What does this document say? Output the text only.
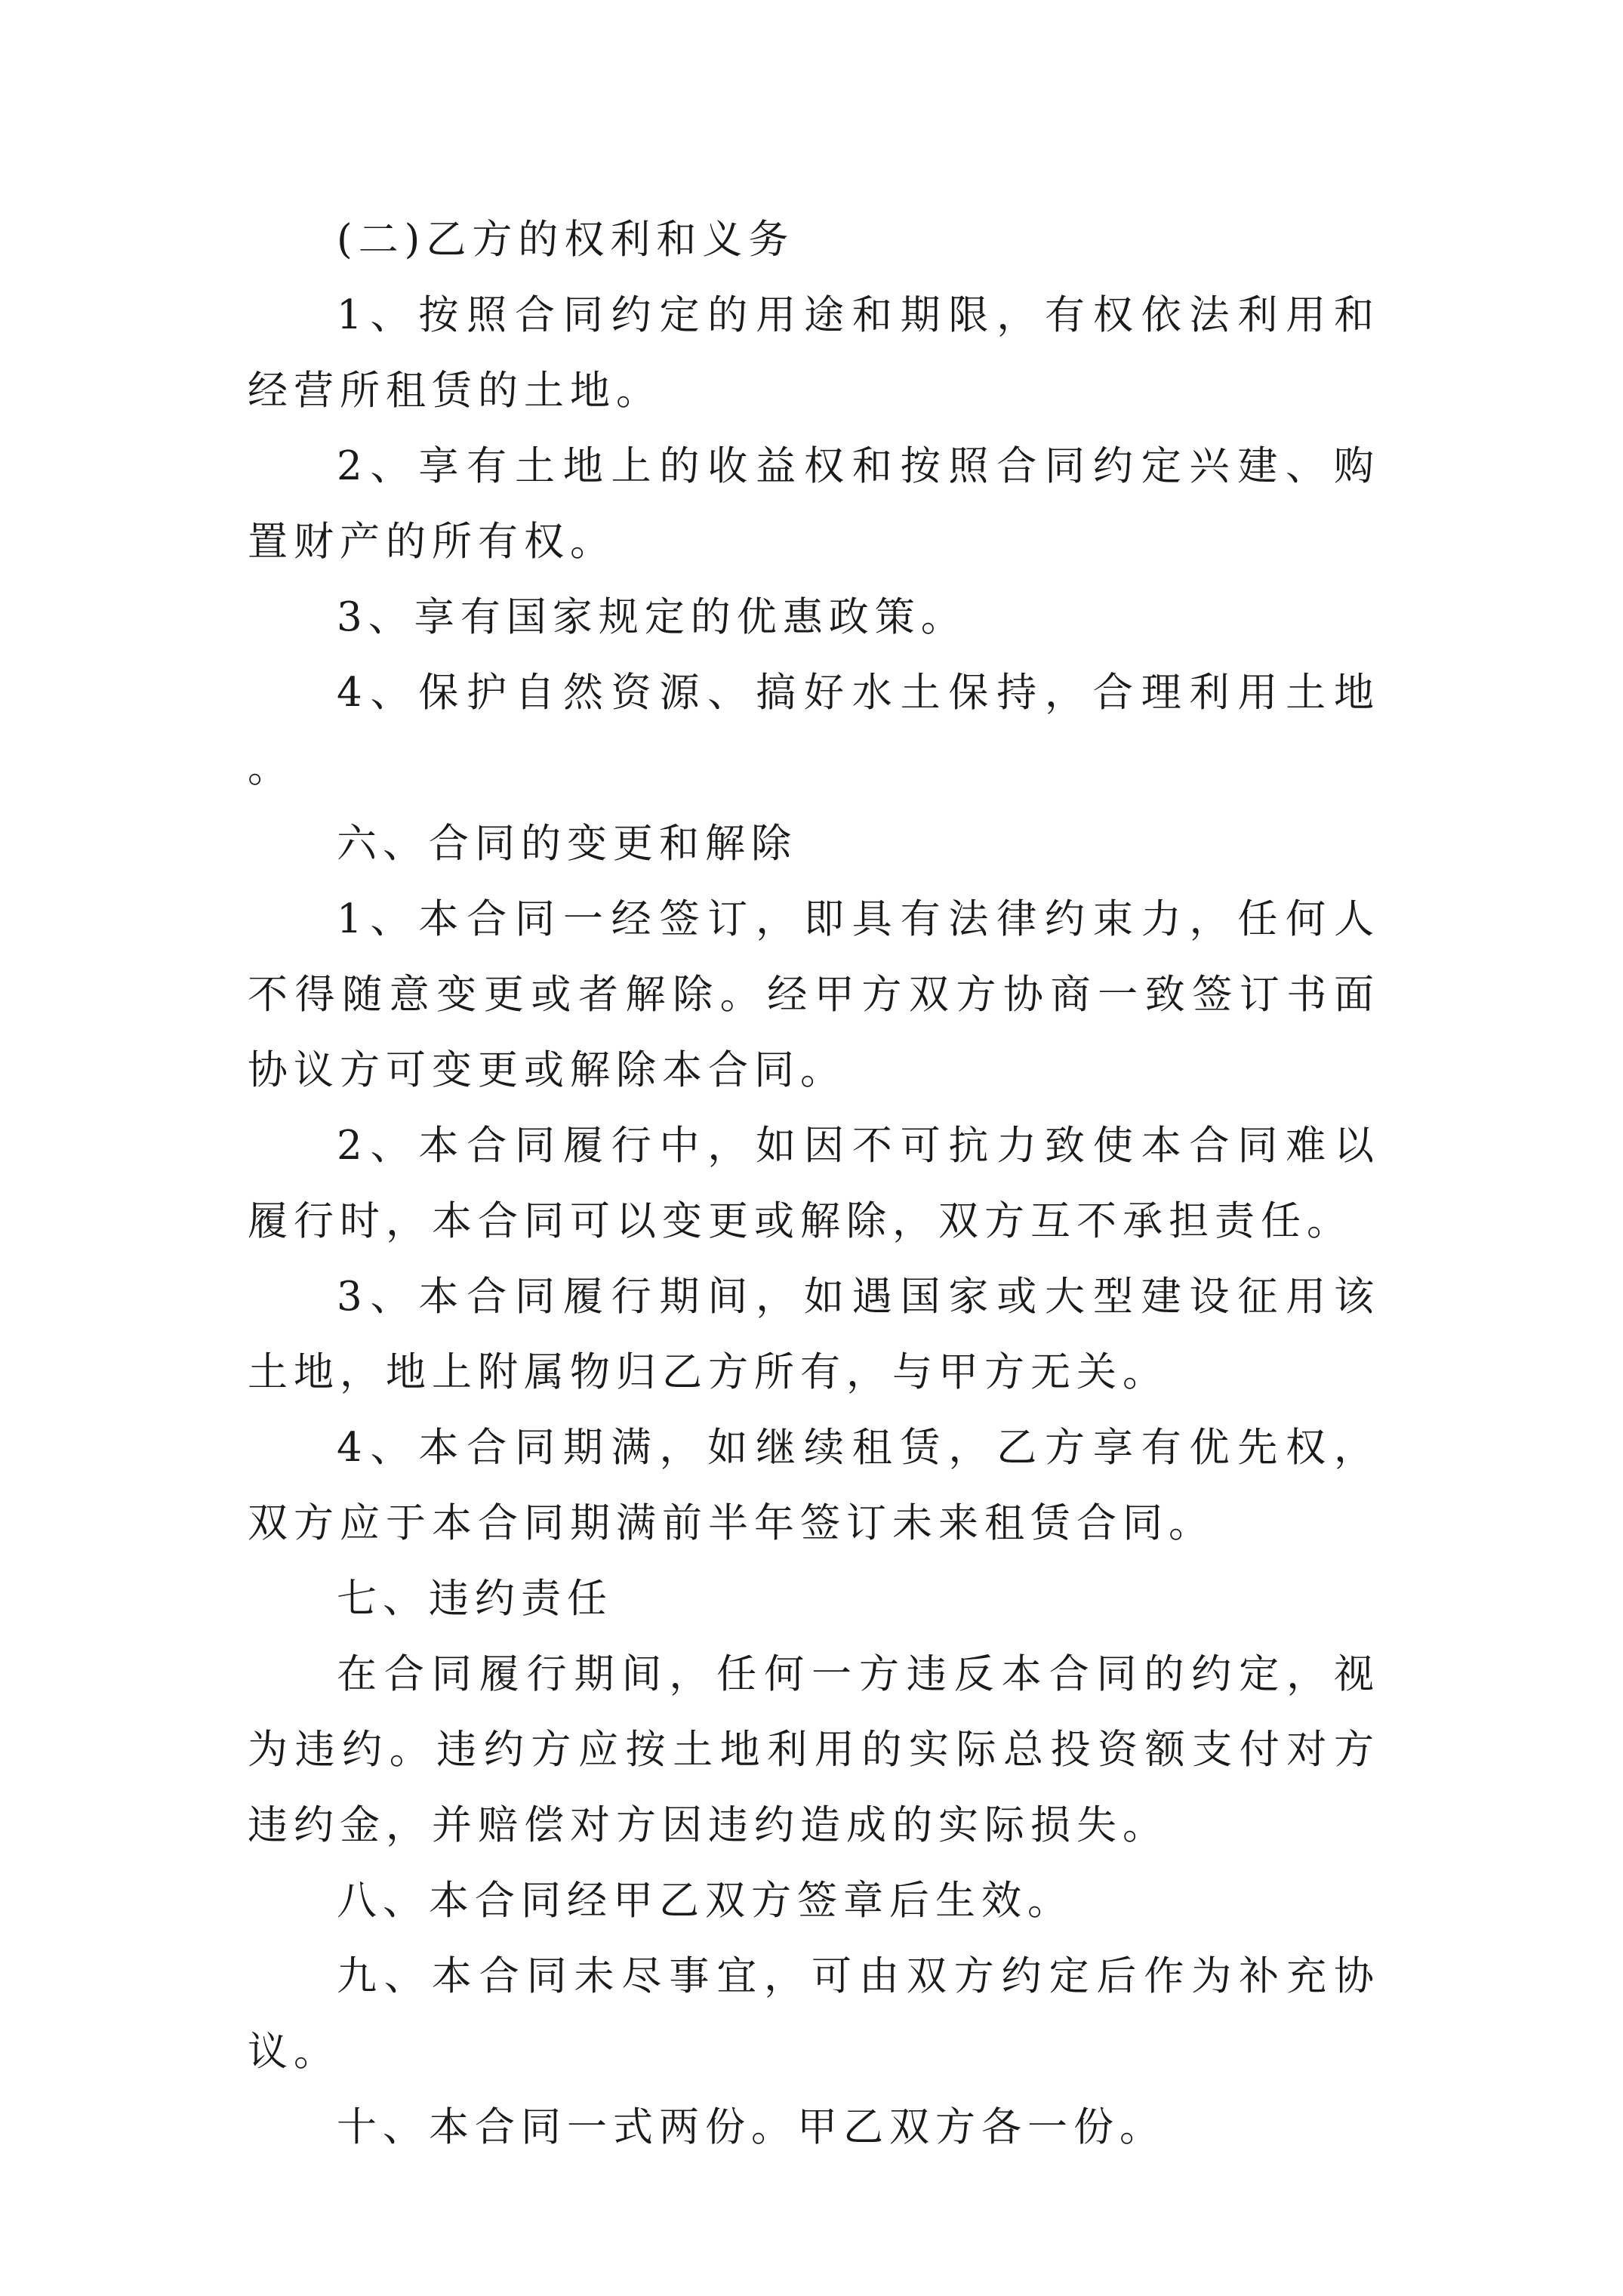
(二)乙方的权利和义务

1、按照合同约定的用途和期限，有权依法利用和经营所租赁的土地。

2、享有土地上的收益权和按照合同约定兴建、购置财产的所有权。

3、享有国家规定的优惠政策。

4、保护自然资源、搞好水土保持，合理利用土地。

六、合同的变更和解除

1、本合同一经签订，即具有法律约束力，任何人不得随意变更或者解除。经甲方双方协商一致签订书面协议方可变更或解除本合同。

2、本合同履行中，如因不可抗力致使本合同难以履行时，本合同可以变更或解除，双方互不承担责任。

3、本合同履行期间，如遇国家或大型建设征用该土地，地上附属物归乙方所有，与甲方无关。

4、本合同期满，如继续租赁，乙方享有优先权，双方应于本合同期满前半年签订未来租赁合同。

七、违约责任

在合同履行期间，任何一方违反本合同的约定，视为违约。违约方应按土地利用的实际总投资额支付对方违约金，并赔偿对方因违约造成的实际损失。

八、本合同经甲乙双方签章后生效。

九、本合同未尽事宜，可由双方约定后作为补充协议。

十、本合同一式两份。甲乙双方各一份。
